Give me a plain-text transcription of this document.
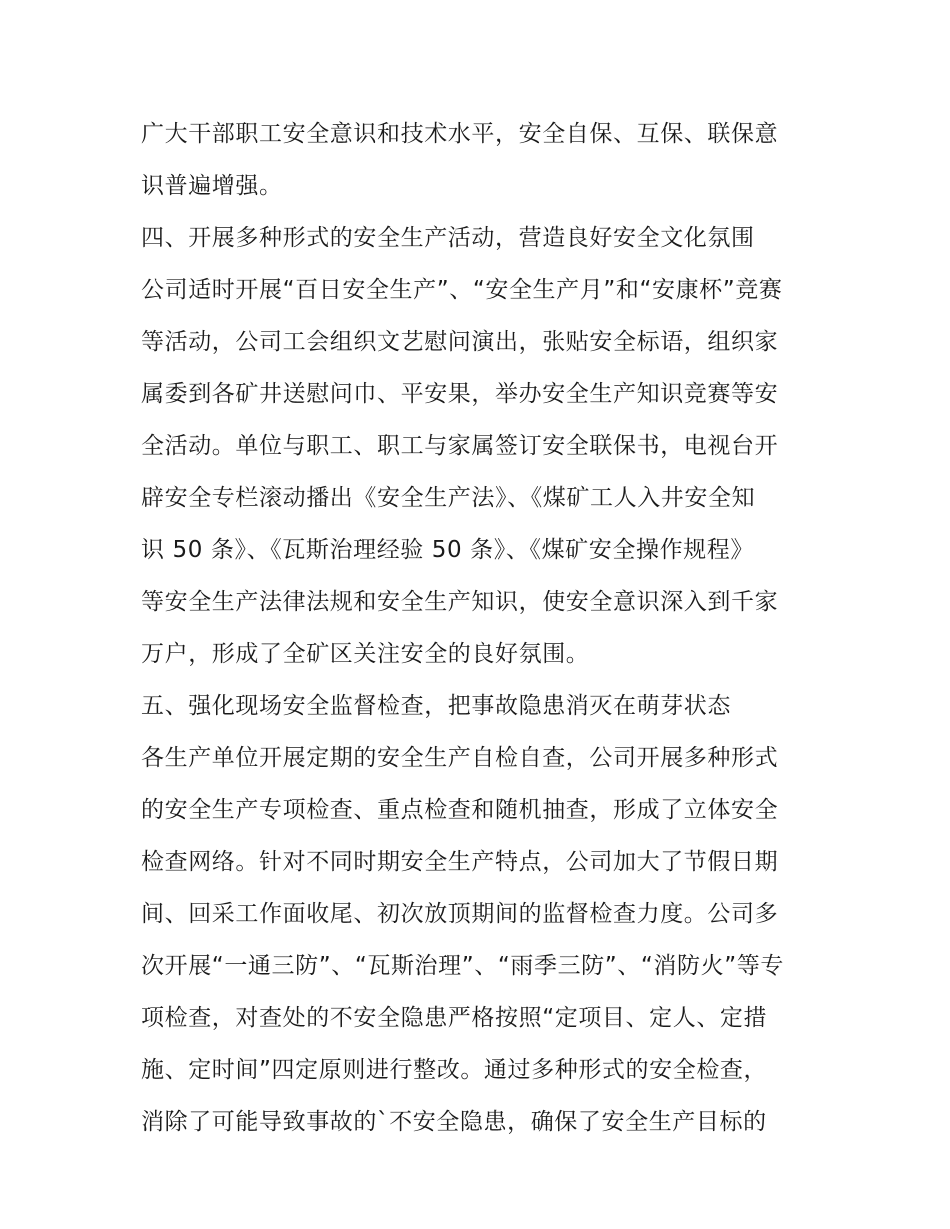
广大干部职工安全意识和技术水平，安全自保、互保、联保意
识普遍增强。
四、开展多种形式的安全生产活动，营造良好安全文化氛围
公司适时开展“百日安全生产”、“安全生产月”和“安康杯”竞赛
等活动，公司工会组织文艺慰问演出，张贴安全标语，组织家
属委到各矿井送慰问巾、平安果，举办安全生产知识竞赛等安
全活动。单位与职工、职工与家属签订安全联保书，电视台开
辟安全专栏滚动播出《安全生产法》、《煤矿工人入井安全知
识 50 条》、《瓦斯治理经验 50 条》、《煤矿安全操作规程》
等安全生产法律法规和安全生产知识，使安全意识深入到千家
万户，形成了全矿区关注安全的良好氛围。
五、强化现场安全监督检查，把事故隐患消灭在萌芽状态
各生产单位开展定期的安全生产自检自查，公司开展多种形式
的安全生产专项检查、重点检查和随机抽查，形成了立体安全
检查网络。针对不同时期安全生产特点，公司加大了节假日期
间、回采工作面收尾、初次放顶期间的监督检查力度。公司多
次开展“一通三防”、“瓦斯治理”、“雨季三防”、“消防火”等专
项检查，对查处的不安全隐患严格按照“定项目、定人、定措
施、定时间”四定原则进行整改。通过多种形式的安全检查，
消除了可能导致事故的`不安全隐患，确保了安全生产目标的
